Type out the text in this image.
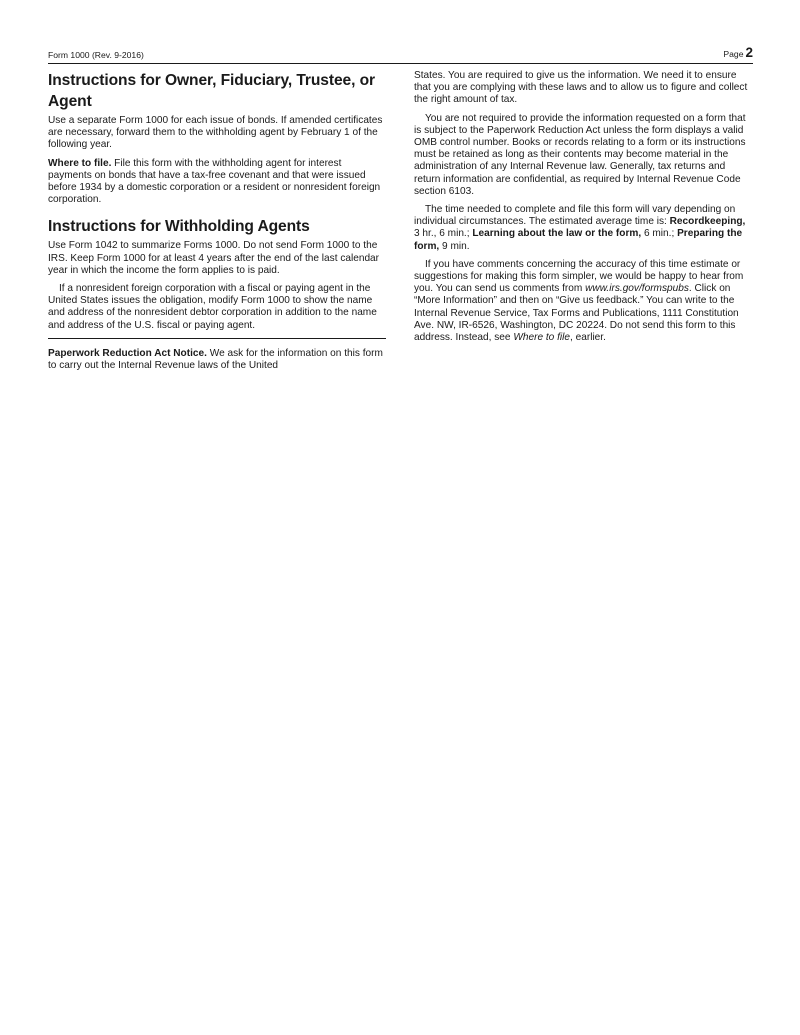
Form 1000 (Rev. 9-2016)	Page 2
Instructions for Owner, Fiduciary, Trustee, or Agent

Use a separate Form 1000 for each issue of bonds. If amended certificates are necessary, forward them to the withholding agent by February 1 of the following year.

Where to file. File this form with the withholding agent for interest payments on bonds that have a tax-free covenant and that were issued before 1934 by a domestic corporation or a resident or nonresident foreign corporation.

Instructions for Withholding Agents

Use Form 1042 to summarize Forms 1000. Do not send Form 1000 to the IRS. Keep Form 1000 for at least 4 years after the end of the last calendar year in which the income the form applies to is paid.

If a nonresident foreign corporation with a fiscal or paying agent in the United States issues the obligation, modify Form 1000 to show the name and address of the nonresident debtor corporation in addition to the name and address of the U.S. fiscal or paying agent.

Paperwork Reduction Act Notice. We ask for the information on this form to carry out the Internal Revenue laws of the United

States. You are required to give us the information. We need it to ensure that you are complying with these laws and to allow us to figure and collect the right amount of tax.

You are not required to provide the information requested on a form that is subject to the Paperwork Reduction Act unless the form displays a valid OMB control number. Books or records relating to a form or its instructions must be retained as long as their contents may become material in the administration of any Internal Revenue law. Generally, tax returns and return information are confidential, as required by Internal Revenue Code section 6103.

The time needed to complete and file this form will vary depending on individual circumstances. The estimated average time is: Recordkeeping, 3 hr., 6 min.; Learning about the law or the form, 6 min.; Preparing the form, 9 min.

If you have comments concerning the accuracy of this time estimate or suggestions for making this form simpler, we would be happy to hear from you. You can send us comments from www.irs.gov/formspubs. Click on “More Information” and then on “Give us feedback.” You can write to the Internal Revenue Service, Tax Forms and Publications, 1111 Constitution Ave. NW, IR-6526, Washington, DC 20224. Do not send this form to this address. Instead, see Where to file, earlier.
